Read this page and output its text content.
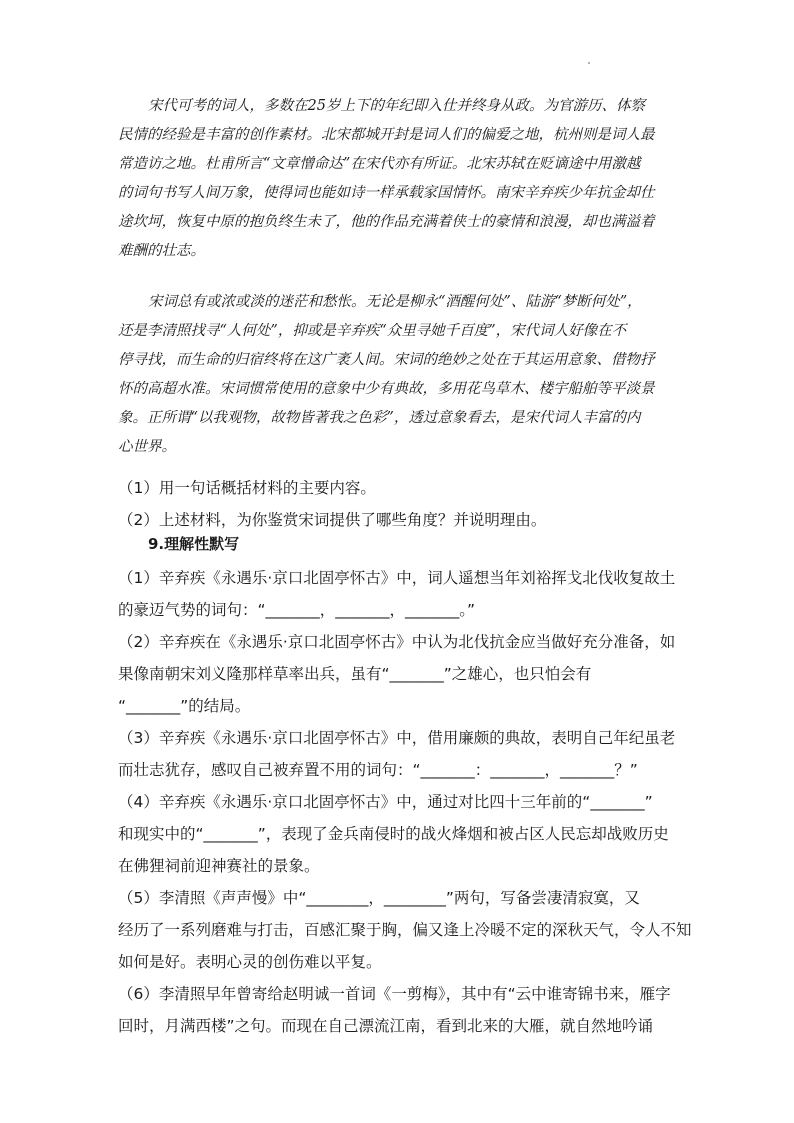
宋代可考的词人，多数在25岁上下的年纪即入仕并终身从政。为官游历、体察
民情的经验是丰富的创作素材。北宋都城开封是词人们的偏爱之地，杭州则是词人最
常造访之地。杜甫所言“文章憎命达”在宋代亦有所证。北宋苏轼在贬谪途中用激越
的词句书写人间万象，使得词也能如诗一样承载家国情怀。南宋辛弃疾少年抗金却仕
途坎坷，恢复中原的抱负终生未了，他的作品充满着侠士的豪情和浪漫，却也满溢着
难酬的壮志。
宋词总有或浓或淡的迷茫和愁怅。无论是柳永“酒醒何处”、陆游“梦断何处”，
还是李清照找寻“人何处”，抑或是辛弃疾“众里寻她千百度”，宋代词人好像在不
停寻找，而生命的归宿终将在这广袤人间。宋词的绝妙之处在于其运用意象、借物抒
怀的高超水准。宋词惯常使用的意象中少有典故，多用花鸟草木、楼宇船舶等平淡景
象。正所谓“以我观物，故物皆著我之色彩”，透过意象看去，是宋代词人丰富的内
心世界。
（1）用一句话概括材料的主要内容。
（2）上述材料，为你鉴赏宋词提供了哪些角度？并说明理由。
9.理解性默写
（1）辛弃疾《永遇乐·京口北固亭怀古》中，词人遥想当年刘裕挥戈北伐收复故土
的豪迈气势的词句：“_______，_______，_______。”
（2）辛弃疾在《永遇乐·京口北固亭怀古》中认为北伐抗金应当做好充分准备，如
果像南朝宋刘义隆那样草率出兵，虽有“_______”之雄心，也只怕会有
“_______”的结局。
（3）辛弃疾《永遇乐·京口北固亭怀古》中，借用廉颇的典故，表明自己年纪虽老
而壮志犹存，感叹自己被弃置不用的词句：“_______：_______，_______？”
（4）辛弃疾《永遇乐·京口北固亭怀古》中，通过对比四十三年前的“_______”
和现实中的“_______”，表现了金兵南侵时的战火烽烟和被占区人民忘却战败历史
在佛狸祠前迎神赛社的景象。
（5）李清照《声声慢》中“________，________”两句，写备尝凄清寂寞，又
经历了一系列磨难与打击，百感汇聚于胸，偏又逢上冷暖不定的深秋天气，令人不知
如何是好。表明心灵的创伤难以平复。
（6）李清照早年曾寄给赵明诚一首词《一剪梅》，其中有“云中谁寄锦书来，雁字
回时，月满西楼”之句。而现在自己漂流江南，看到北来的大雁，就自然地吟诵
